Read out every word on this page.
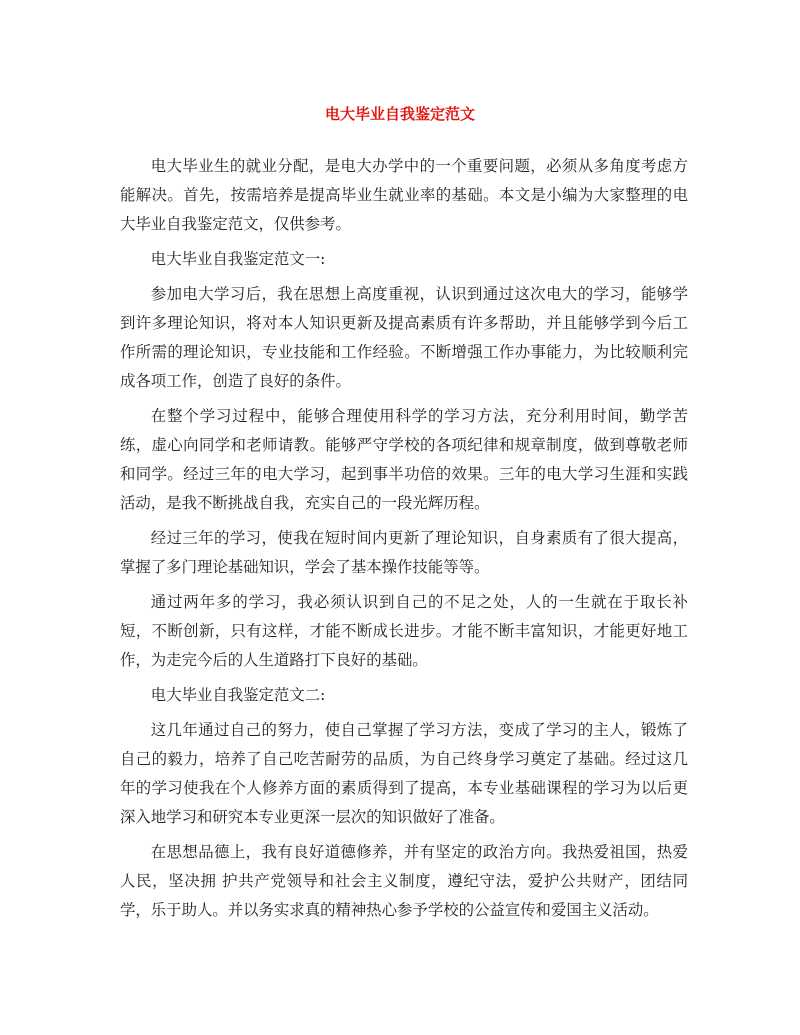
电大毕业自我鉴定范文

电大毕业生的就业分配，是电大办学中的一个重要问题，必须从多角度考虑方能解决。首先，按需培养是提高毕业生就业率的基础。本文是小编为大家整理的电大毕业自我鉴定范文，仅供参考。

电大毕业自我鉴定范文一:

参加电大学习后，我在思想上高度重视，认识到通过这次电大的学习，能够学到许多理论知识，将对本人知识更新及提高素质有许多帮助，并且能够学到今后工作所需的理论知识，专业技能和工作经验。不断增强工作办事能力，为比较顺利完成各项工作，创造了良好的条件。

在整个学习过程中，能够合理使用科学的学习方法，充分利用时间，勤学苦练，虚心向同学和老师请教。能够严守学校的各项纪律和规章制度，做到尊敬老师和同学。经过三年的电大学习，起到事半功倍的效果。三年的电大学习生涯和实践活动，是我不断挑战自我，充实自己的一段光辉历程。

经过三年的学习，使我在短时间内更新了理论知识，自身素质有了很大提高，掌握了多门理论基础知识，学会了基本操作技能等等。

通过两年多的学习，我必须认识到自己的不足之处，人的一生就在于取长补短，不断创新，只有这样，才能不断成长进步。才能不断丰富知识，才能更好地工作，为走完今后的人生道路打下良好的基础。

电大毕业自我鉴定范文二:

这几年通过自己的努力，使自己掌握了学习方法，变成了学习的主人，锻炼了自己的毅力，培养了自己吃苦耐劳的品质，为自己终身学习奠定了基础。经过这几年的学习使我在个人修养方面的素质得到了提高，本专业基础课程的学习为以后更深入地学习和研究本专业更深一层次的知识做好了准备。

在思想品德上，我有良好道德修养，并有坚定的政治方向。我热爱祖国，热爱人民，坚决拥 护共产党领导和社会主义制度，遵纪守法，爱护公共财产，团结同学，乐于助人。并以务实求真的精神热心参予学校的公益宣传和爱国主义活动。
